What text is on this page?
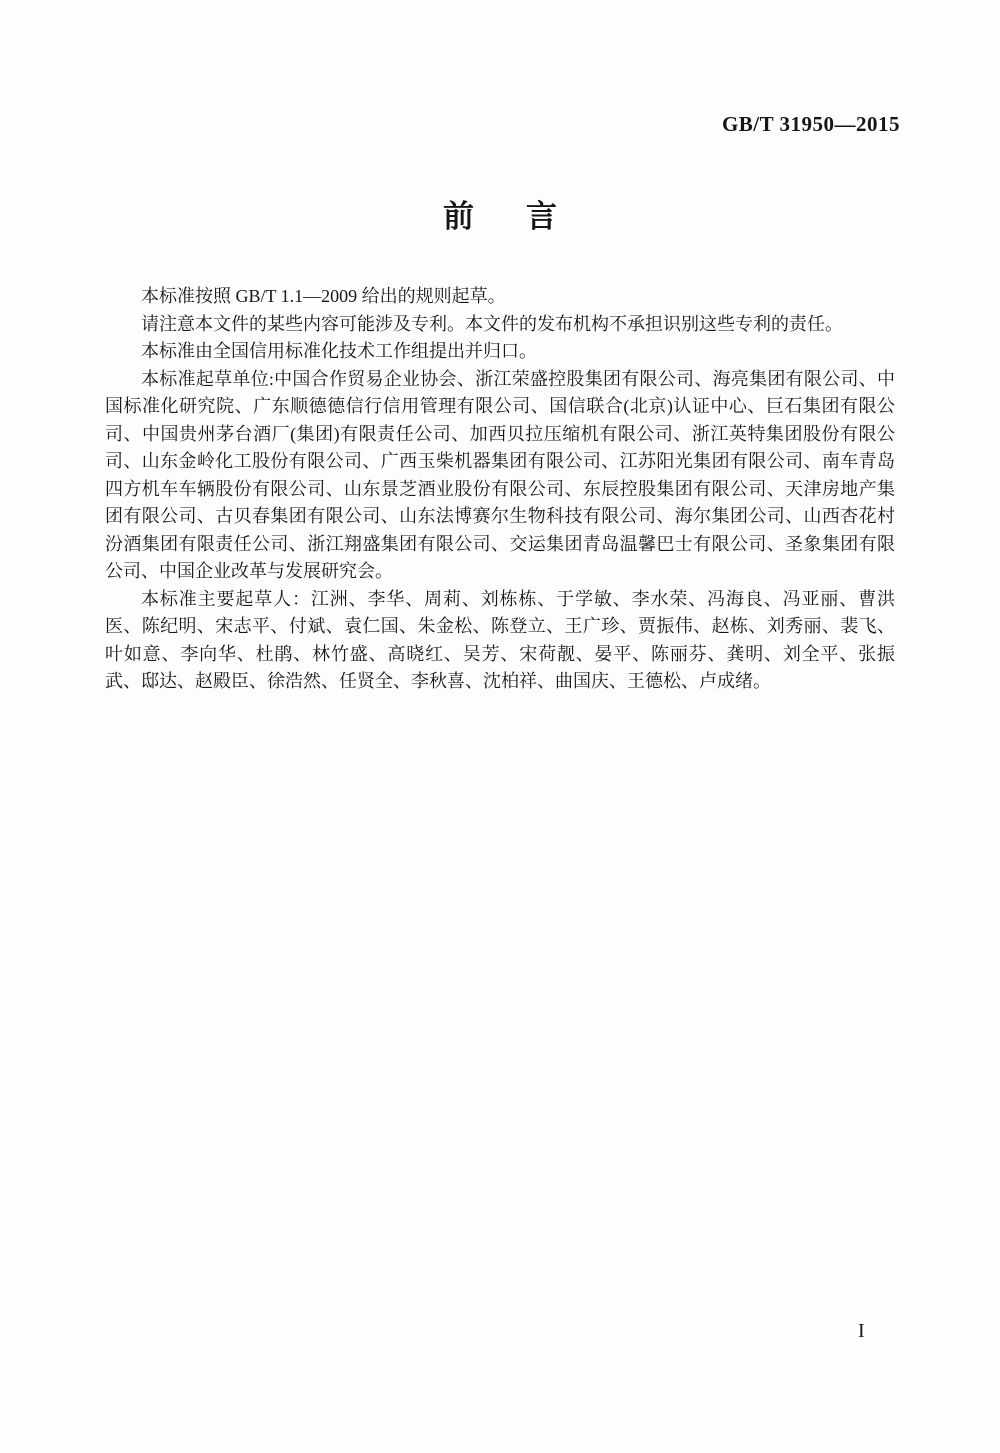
GB/T 31950—2015
前 言

本标准按照 GB/T 1.1—2009 给出的规则起草。

请注意本文件的某些内容可能涉及专利。本文件的发布机构不承担识别这些专利的责任。

本标准由全国信用标准化技术工作组提出并归口。

本标准起草单位:中国合作贸易企业协会、浙江荣盛控股集团有限公司、海亮集团有限公司、中国标准化研究院、广东顺德德信行信用管理有限公司、国信联合(北京)认证中心、巨石集团有限公司、中国贵州茅台酒厂(集团)有限责任公司、加西贝拉压缩机有限公司、浙江英特集团股份有限公司、山东金岭化工股份有限公司、广西玉柴机器集团有限公司、江苏阳光集团有限公司、南车青岛四方机车车辆股份有限公司、山东景芝酒业股份有限公司、东辰控股集团有限公司、天津房地产集团有限公司、古贝春集团有限公司、山东法博赛尔生物科技有限公司、海尔集团公司、山西杏花村汾酒集团有限责任公司、浙江翔盛集团有限公司、交运集团青岛温馨巴士有限公司、圣象集团有限公司、中国企业改革与发展研究会。

本标准主要起草人：江洲、李华、周莉、刘栋栋、于学敏、李水荣、冯海良、冯亚丽、曹洪医、陈纪明、宋志平、付斌、袁仁国、朱金松、陈登立、王广珍、贾振伟、赵栋、刘秀丽、裴飞、叶如意、李向华、杜鹃、林竹盛、高晓红、吴芳、宋荷靓、晏平、陈丽芬、龚明、刘全平、张振武、邸达、赵殿臣、徐浩然、任贤全、李秋喜、沈柏祥、曲国庆、王德松、卢成绪。

I
